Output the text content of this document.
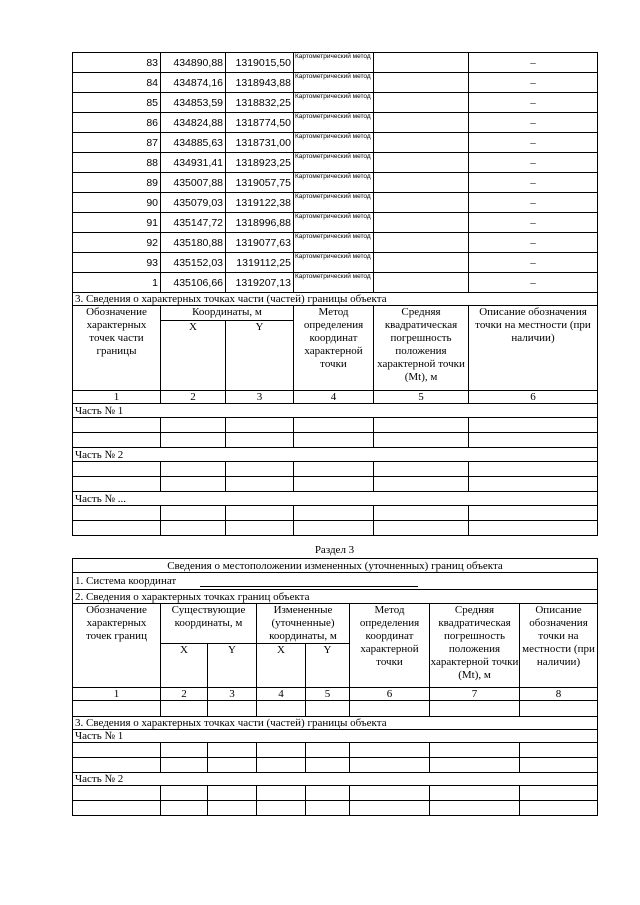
83	434890,88	1319015,50	Картометрический метод		–
84	434874,16	1318943,88	Картометрический метод		–
85	434853,59	1318832,25	Картометрический метод		–
86	434824,88	1318774,50	Картометрический метод		–
87	434885,63	1318731,00	Картометрический метод		–
88	434931,41	1318923,25	Картометрический метод		–
89	435007,88	1319057,75	Картометрический метод		–
90	435079,03	1319122,38	Картометрический метод		–
91	435147,72	1318996,88	Картометрический метод		–
92	435180,88	1319077,63	Картометрический метод		–
93	435152,03	1319112,25	Картометрический метод		–
1	435106,66	1319207,13	Картометрический метод		–
3. Сведения о характерных точках части (частей) границы объекта					
Обозначение характерных точек части границы	Координаты, м		Метод определения координат характерной точки	Средняя квадратическая погрешность положения характерной точки (Mt), м	Описание обозначения точки на местности (при наличии)
	X	Y			
1	2	3	4	5	6
Часть № 1					

Часть № 2					

Часть № ...					

Раздел 3
Сведения о местоположении измененных (уточненных) границ объекта							
1. Система координат							
2. Сведения о характерных точках границ объекта							
Обозначение характерных точек границ	Существующие координаты, м		Измененные (уточненные) координаты, м		Метод определения координат характерной точки	Средняя квадратическая погрешность положения характерной точки (Mt), м	Описание обозначения точки на местности (при наличии)
	X	Y	X	Y			
1	2	3	4	5	6	7	8

3. Сведения о характерных точках части (частей) границы объекта							
Часть № 1							

Часть № 2							
